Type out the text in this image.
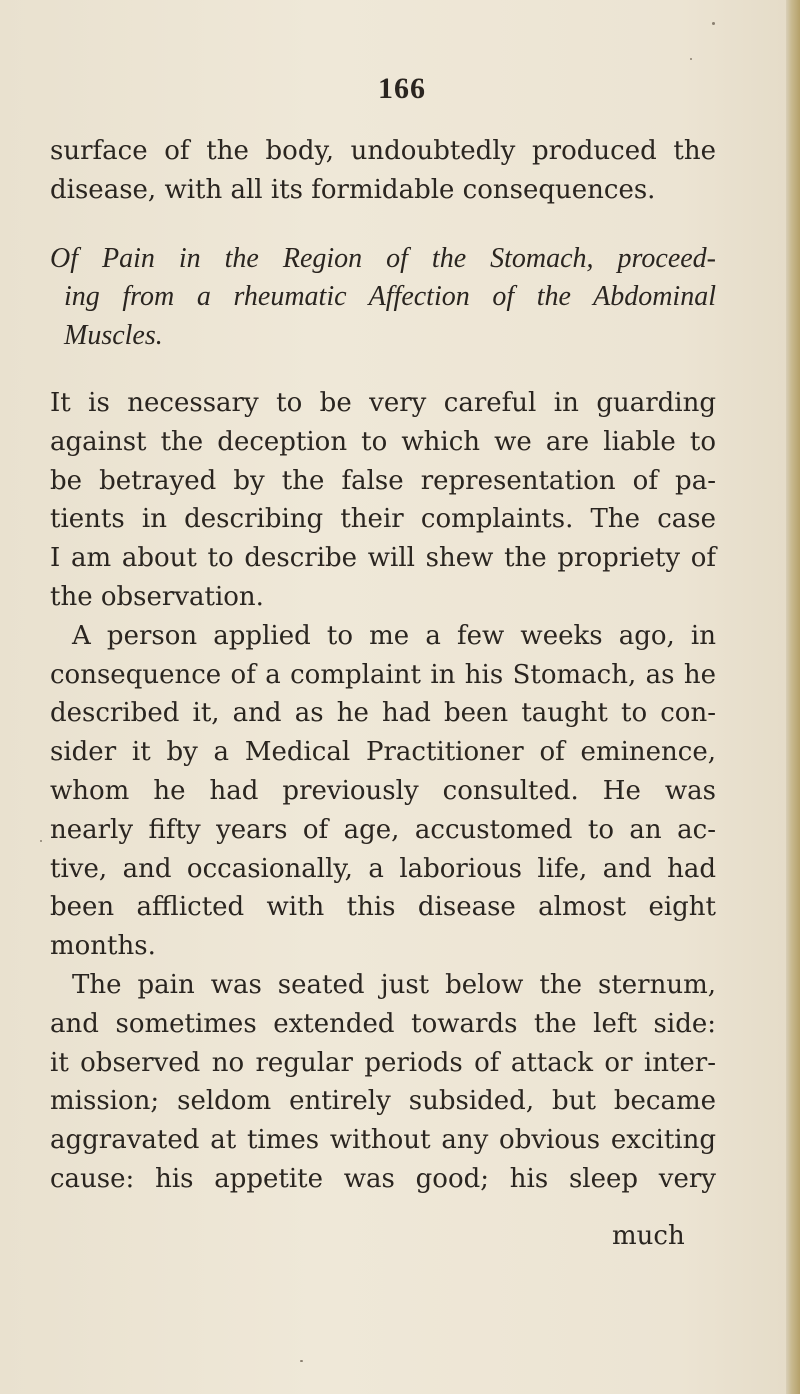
166
surface of the body, undoubtedly produced the
disease, with all its formidable consequences.
Of Pain in the Region of the Stomach, proceed-
ing from a rheumatic Affection of the Abdominal
Muscles.
It is necessary to be very careful in guarding
against the deception to which we are liable to
be betrayed by the false representation of pa-
tients in describing their complaints. The case
I am about to describe will shew the propriety of
the observation.
A person applied to me a few weeks ago, in
consequence of a complaint in his Stomach, as he
described it, and as he had been taught to con-
sider it by a Medical Practitioner of eminence,
whom he had previously consulted. He was
nearly fifty years of age, accustomed to an ac-
tive, and occasionally, a laborious life, and had
been afflicted with this disease almost eight
months.
The pain was seated just below the sternum,
and sometimes extended towards the left side:
it observed no regular periods of attack or inter-
mission; seldom entirely subsided, but became
aggravated at times without any obvious exciting
cause: his appetite was good; his sleep very
much
